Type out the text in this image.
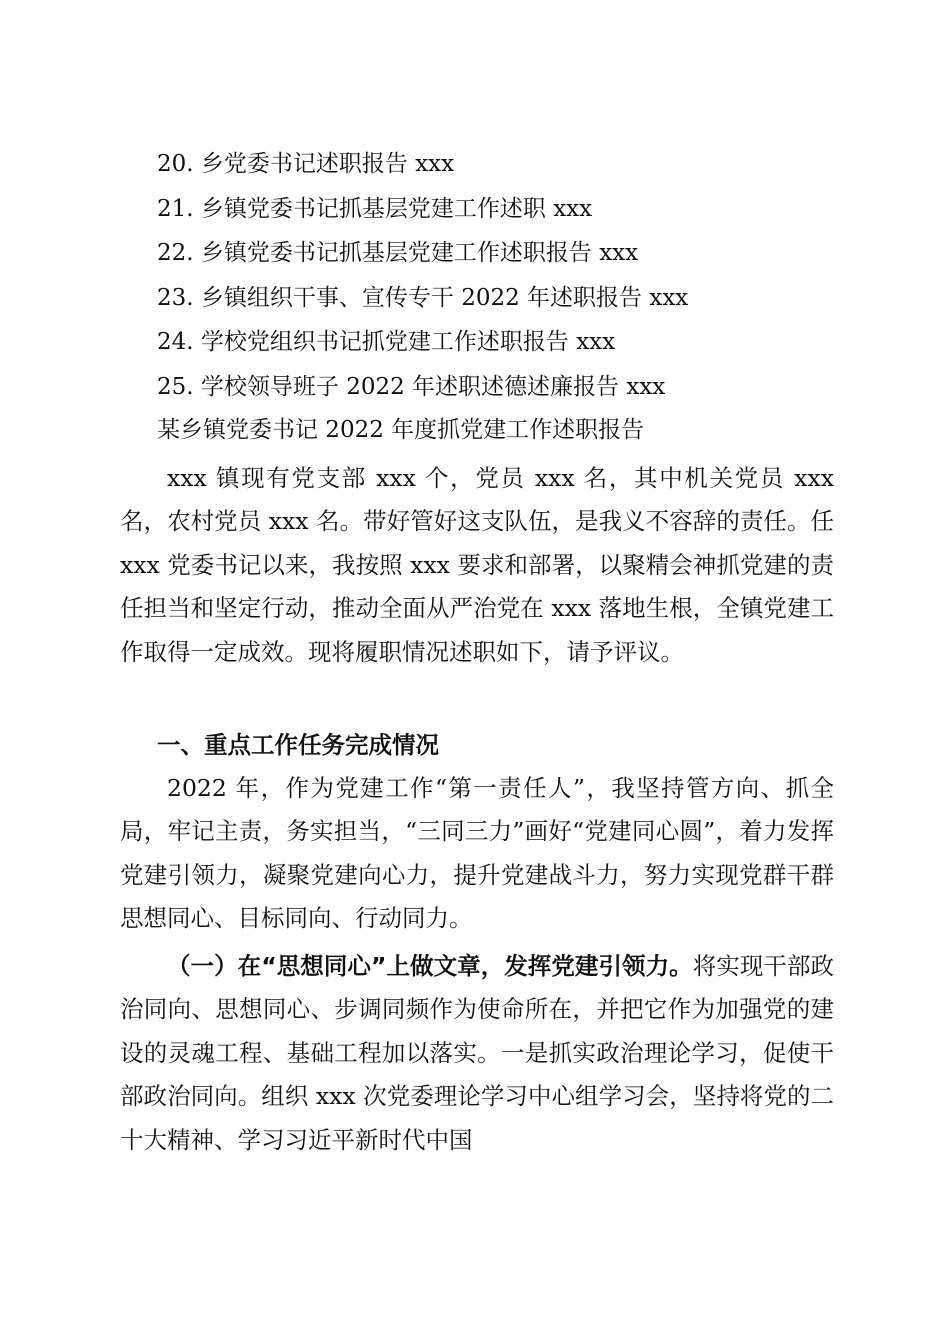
20. 乡党委书记述职报告 xxx
21. 乡镇党委书记抓基层党建工作述职 xxx
22. 乡镇党委书记抓基层党建工作述职报告 xxx
23. 乡镇组织干事、宣传专干 2022 年述职报告 xxx
24. 学校党组织书记抓党建工作述职报告 xxx
25. 学校领导班子 2022 年述职述德述廉报告 xxx
某乡镇党委书记 2022 年度抓党建工作述职报告

xxx 镇现有党支部 xxx 个，党员 xxx 名，其中机关党员 xxx 名，农村党员 xxx 名。带好管好这支队伍，是我义不容辞的责任。任 xxx 党委书记以来，我按照 xxx 要求和部署，以聚精会神抓党建的责任担当和坚定行动，推动全面从严治党在 xxx 落地生根，全镇党建工作取得一定成效。现将履职情况述职如下，请予评议。

一、重点工作任务完成情况

2022 年，作为党建工作“第一责任人”，我坚持管方向、抓全局，牢记主责，务实担当，“三同三力”画好“党建同心圆”，着力发挥党建引领力，凝聚党建向心力，提升党建战斗力，努力实现党群干群思想同心、目标同向、行动同力。

（一）在“思想同心”上做文章，发挥党建引领力。将实现干部政治同向、思想同心、步调同频作为使命所在，并把它作为加强党的建设的灵魂工程、基础工程加以落实。一是抓实政治理论学习，促使干部政治同向。组织 xxx 次党委理论学习中心组学习会，坚持将党的二十大精神、学习习近平新时代中国
